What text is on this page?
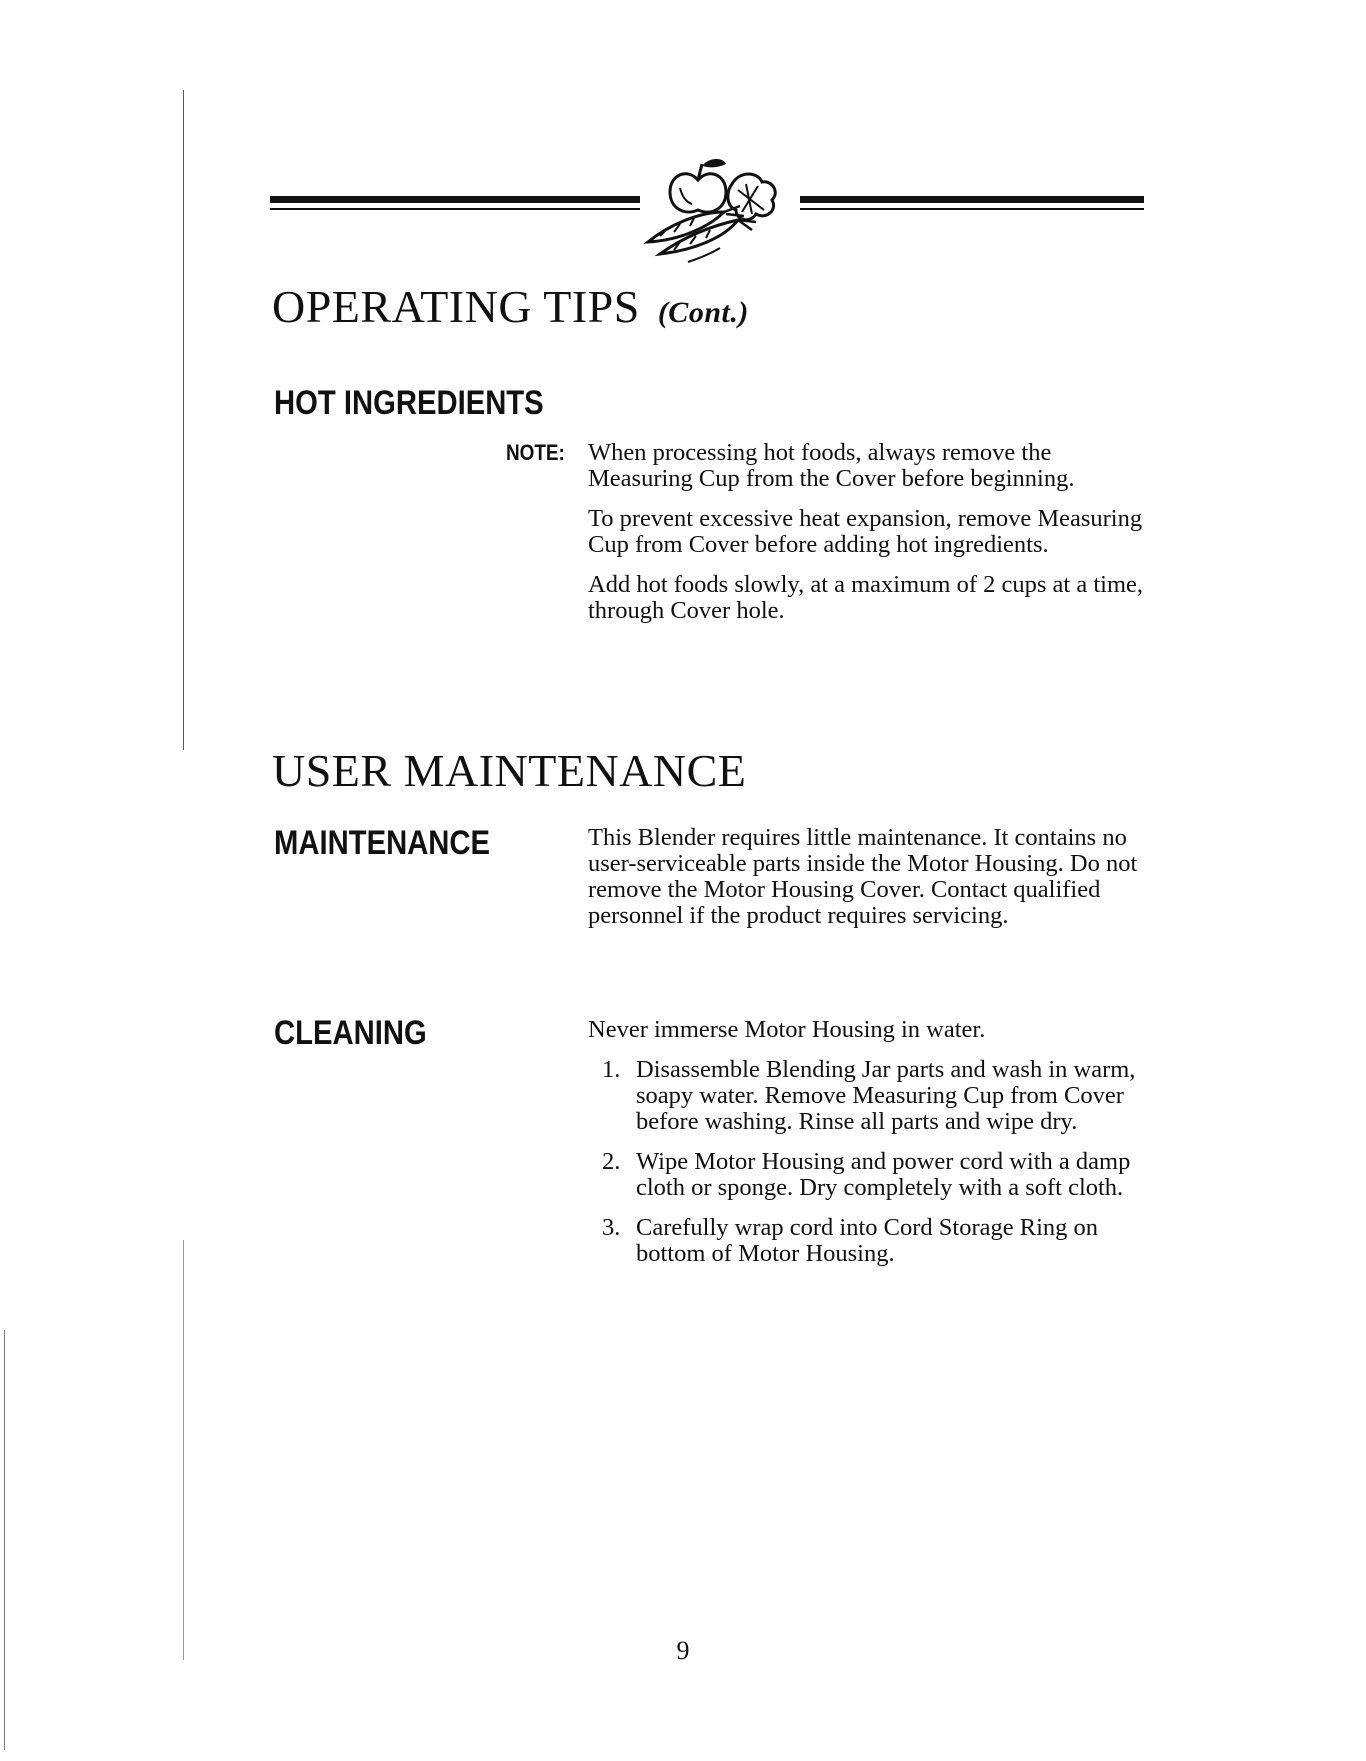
OPERATING TIPS (Cont.)
HOT INGREDIENTS
NOTE: When processing hot foods, always remove the Measuring Cup from the Cover before beginning.

To prevent excessive heat expansion, remove Measuring Cup from Cover before adding hot ingredients.

Add hot foods slowly, at a maximum of 2 cups at a time, through Cover hole.

USER MAINTENANCE
MAINTENANCE	This Blender requires little maintenance. It contains no user-serviceable parts inside the Motor Housing. Do not remove the Motor Housing Cover. Contact qualified personnel if the product requires servicing.

CLEANING	Never immerse Motor Housing in water.

1. Disassemble Blending Jar parts and wash in warm, soapy water. Remove Measuring Cup from Cover before washing. Rinse all parts and wipe dry.
2. Wipe Motor Housing and power cord with a damp cloth or sponge. Dry completely with a soft cloth.
3. Carefully wrap cord into Cord Storage Ring on bottom of Motor Housing.
9
